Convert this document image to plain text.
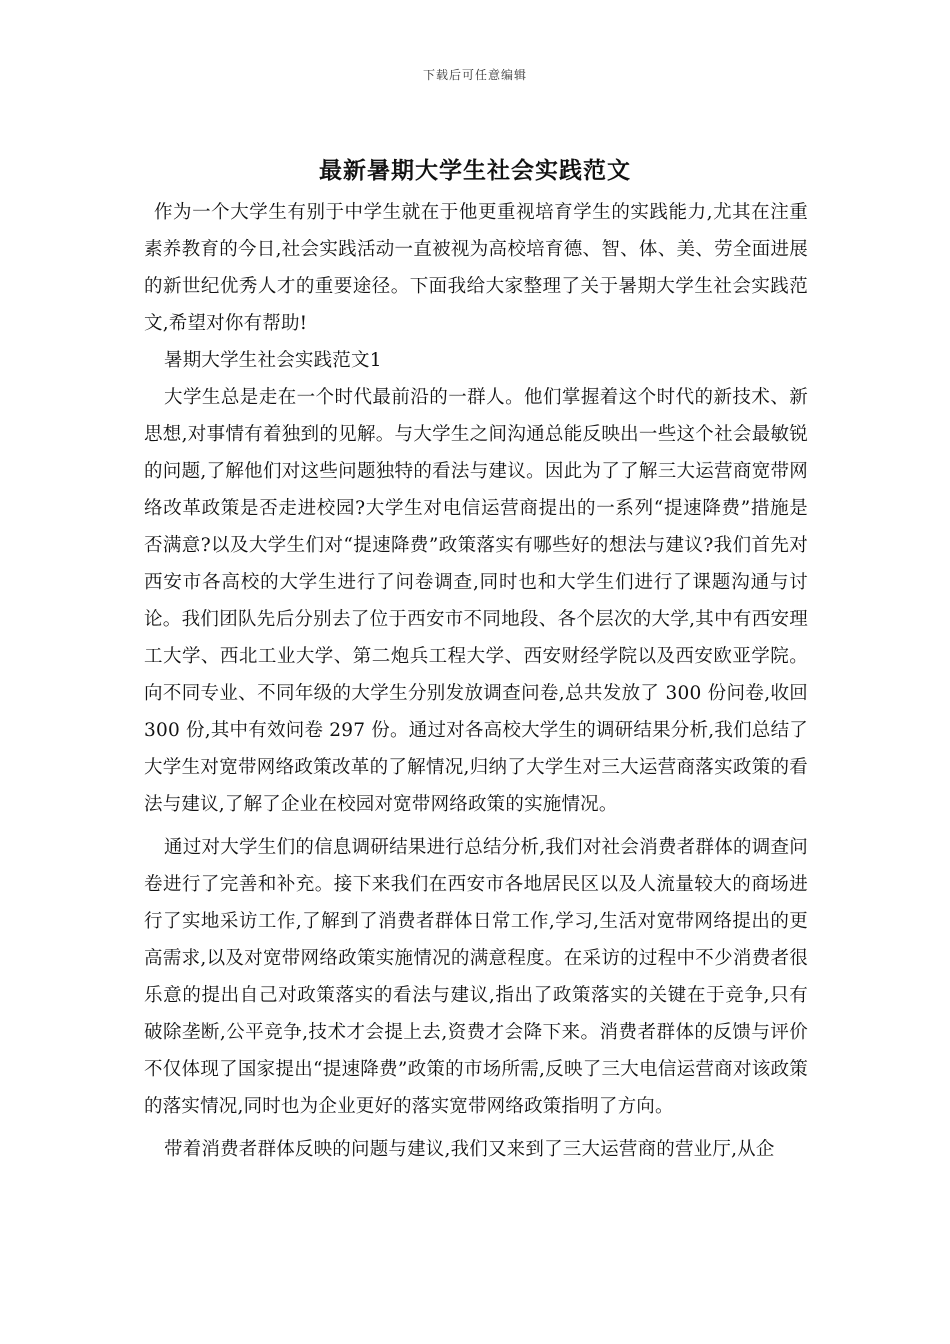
下载后可任意编辑
最新暑期大学生社会实践范文

作为一个大学生有别于中学生就在于他更重视培育学生的实践能力,尤其在注重素养教育的今日,社会实践活动一直被视为高校培育德、智、体、美、劳全面进展的新世纪优秀人才的重要途径。下面我给大家整理了关于暑期大学生社会实践范文,希望对你有帮助!

暑期大学生社会实践范文1

大学生总是走在一个时代最前沿的一群人。他们掌握着这个时代的新技术、新思想,对事情有着独到的见解。与大学生之间沟通总能反映出一些这个社会最敏锐的问题,了解他们对这些问题独特的看法与建议。因此为了了解三大运营商宽带网络改革政策是否走进校园?大学生对电信运营商提出的一系列“提速降费”措施是否满意?以及大学生们对“提速降费”政策落实有哪些好的想法与建议?我们首先对西安市各高校的大学生进行了问卷调查,同时也和大学生们进行了课题沟通与讨论。我们团队先后分别去了位于西安市不同地段、各个层次的大学,其中有西安理工大学、西北工业大学、第二炮兵工程大学、西安财经学院以及西安欧亚学院。向不同专业、不同年级的大学生分别发放调查问卷,总共发放了 300 份问卷,收回 300 份,其中有效问卷 297 份。通过对各高校大学生的调研结果分析,我们总结了大学生对宽带网络政策改革的了解情况,归纳了大学生对三大运营商落实政策的看法与建议,了解了企业在校园对宽带网络政策的实施情况。

通过对大学生们的信息调研结果进行总结分析,我们对社会消费者群体的调查问卷进行了完善和补充。接下来我们在西安市各地居民区以及人流量较大的商场进行了实地采访工作,了解到了消费者群体日常工作,学习,生活对宽带网络提出的更高需求,以及对宽带网络政策实施情况的满意程度。在采访的过程中不少消费者很乐意的提出自己对政策落实的看法与建议,指出了政策落实的关键在于竞争,只有破除垄断,公平竞争,技术才会提上去,资费才会降下来。消费者群体的反馈与评价不仅体现了国家提出“提速降费”政策的市场所需,反映了三大电信运营商对该政策的落实情况,同时也为企业更好的落实宽带网络政策指明了方向。

带着消费者群体反映的问题与建议,我们又来到了三大运营商的营业厅,从企
